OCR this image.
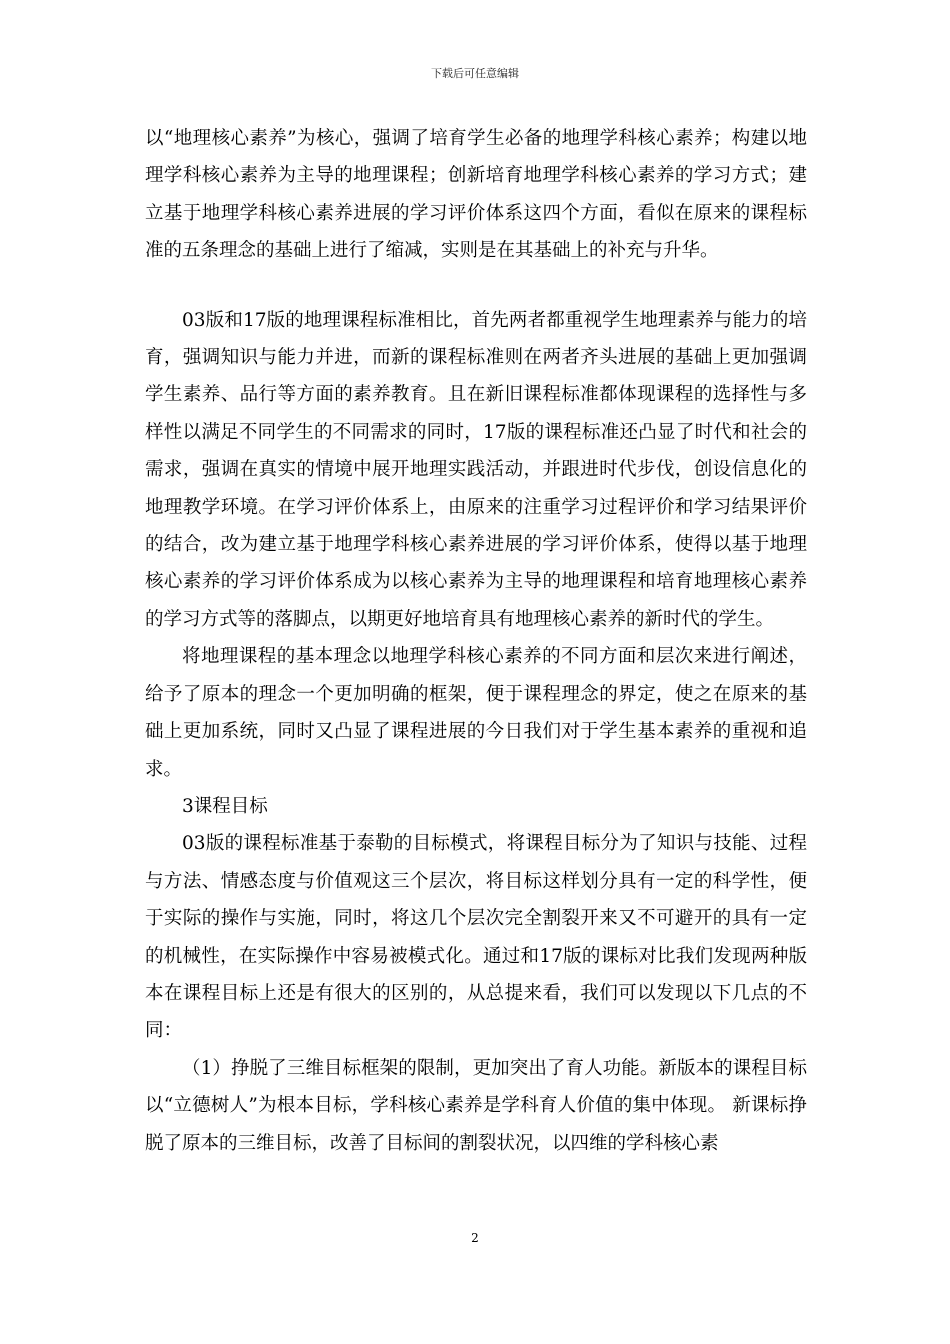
下载后可任意编辑

以“地理核心素养”为核心，强调了培育学生必备的地理学科核心素养；构建以地理学科核心素养为主导的地理课程；创新培育地理学科核心素养的学习方式；建立基于地理学科核心素养进展的学习评价体系这四个方面，看似在原来的课程标准的五条理念的基础上进行了缩减，实则是在其基础上的补充与升华。

03版和17版的地理课程标准相比，首先两者都重视学生地理素养与能力的培育，强调知识与能力并进，而新的课程标准则在两者齐头进展的基础上更加强调学生素养、品行等方面的素养教育。且在新旧课程标准都体现课程的选择性与多样性以满足不同学生的不同需求的同时，17版的课程标准还凸显了时代和社会的需求，强调在真实的情境中展开地理实践活动，并跟进时代步伐，创设信息化的地理教学环境。在学习评价体系上，由原来的注重学习过程评价和学习结果评价的结合，改为建立基于地理学科核心素养进展的学习评价体系，使得以基于地理核心素养的学习评价体系成为以核心素养为主导的地理课程和培育地理核心素养的学习方式等的落脚点，以期更好地培育具有地理核心素养的新时代的学生。

将地理课程的基本理念以地理学科核心素养的不同方面和层次来进行阐述，给予了原本的理念一个更加明确的框架，便于课程理念的界定，使之在原来的基础上更加系统，同时又凸显了课程进展的今日我们对于学生基本素养的重视和追求。

3课程目标

03版的课程标准基于泰勒的目标模式，将课程目标分为了知识与技能、过程与方法、情感态度与价值观这三个层次，将目标这样划分具有一定的科学性，便于实际的操作与实施，同时，将这几个层次完全割裂开来又不可避开的具有一定的机械性，在实际操作中容易被模式化。通过和17版的课标对比我们发现两种版本在课程目标上还是有很大的区别的，从总提来看，我们可以发现以下几点的不同：

（1）挣脱了三维目标框架的限制，更加突出了育人功能。新版本的课程目标以“立德树人”为根本目标，学科核心素养是学科育人价值的集中体现。 新课标挣脱了原本的三维目标，改善了目标间的割裂状况，以四维的学科核心素

2
